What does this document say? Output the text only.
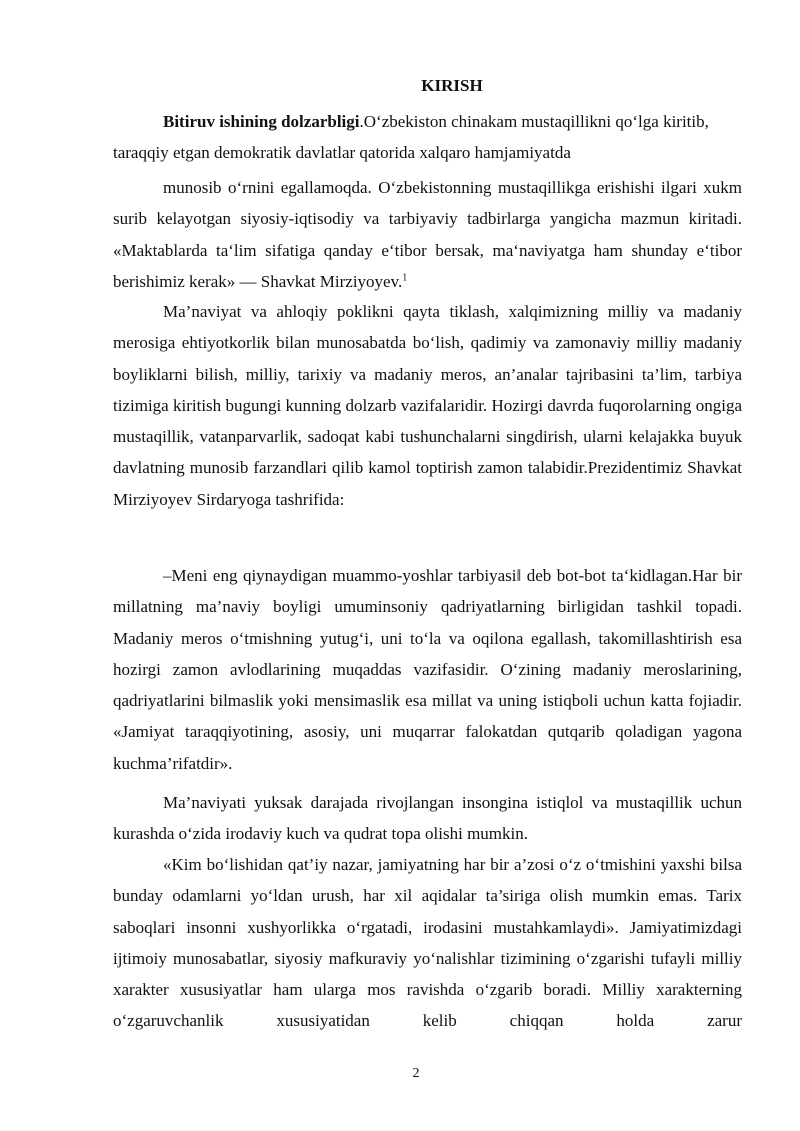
KIRISH

Bitiruv ishining dolzarbligi.O‘zbekiston chinakam mustaqillikni qo‘lga kiritib, taraqqiy etgan demokratik davlatlar qatorida xalqaro hamjamiyatda

munosib o‘rnini egallamoqda. O‘zbekistonning mustaqillikga erishishi ilgari xukm surib kelayotgan siyosiy-iqtisodiy va tarbiyaviy tadbirlarga yangicha mazmun kiritadi. «Maktablarda ta‘lim sifatiga qanday e‘tibor bersak, ma‘naviyatga ham shunday e‘tibor berishimiz kerak» — Shavkat Mirziyoyev.$^1$

Ma’naviyat va ahloqiy poklikni qayta tiklash, xalqimizning milliy va madaniy merosiga ehtiyotkorlik bilan munosabatda bo‘lish, qadimiy va zamonaviy milliy madaniy boyliklarni bilish, milliy, tarixiy va madaniy meros, an’analar tajribasini ta’lim, tarbiya tizimiga kiritish bugungi kunning dolzarb vazifalaridir. Hozirgi davrda fuqorolarning ongiga mustaqillik, vatanparvarlik, sadoqat kabi tushunchalarni singdirish, ularni kelajakka buyuk davlatning munosib farzandlari qilib kamol toptirish zamon talabidir.Prezidentimiz Shavkat Mirziyoyev Sirdaryoga tashrifida:

–Meni eng qiynaydigan muammo-yoshlar tarbiyasi‖ deb bot-bot ta‘kidlagan.Har bir millatning ma’naviy boyligi umuminsoniy qadriyatlarning birligidan tashkil topadi. Madaniy meros o‘tmishning yutug‘i, uni to‘la va oqilona egallash, takomillashtirish esa hozirgi zamon avlodlarining muqaddas vazifasidir. O‘zining madaniy meroslarining, qadriyatlarini bilmaslik yoki mensimaslik esa millat va uning istiqboli uchun katta fojiadir. «Jamiyat taraqqiyotining, asosiy, uni muqarrar falokatdan qutqarib qoladigan yagona kuchma’rifatdir».

Ma’naviyati yuksak darajada rivojlangan insongina istiqlol va mustaqillik uchun kurashda o‘zida irodaviy kuch va qudrat topa olishi mumkin.

«Kim bo‘lishidan qat’iy nazar, jamiyatning har bir a’zosi o‘z o‘tmishini yaxshi bilsa bunday odamlarni yo‘ldan urush, har xil aqidalar ta’siriga olish mumkin emas. Tarix saboqlari insonni xushyorlikka o‘rgatadi, irodasini mustahkamlaydi». Jamiyatimizdagi ijtimoiy munosabatlar, siyosiy mafkuraviy yo‘nalishlar tizimining o‘zgarishi tufayli milliy xarakter xususiyatlar ham ularga mos ravishda o‘zgarib boradi. Milliy xarakterning o‘zgaruvchanlik xususiyatidan kelib chiqqan holda zarur

2
